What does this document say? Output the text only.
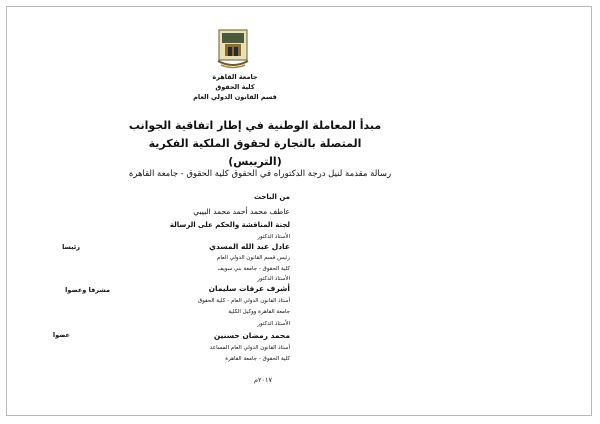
جامعة القاهرة
كلية الحقوق
قسم القانون الدولي العام
مبدأ المعاملة الوطنية في إطار اتفاقية الجوانب
المتصلة بالتجارة لحقوق الملكية الفكرية
(التريبس)
رسالة مقدمة لنيل درجة الدكتوراه في الحقوق كلية الحقوق - جامعة القاهرة
من الباحث
عاطف محمد أحمد محمد البيبي
لجنة المناقشة والحكم على الرسالة
الأستاذ الدكتور
عادل عبد الله المسدي
رئيسا
رئيس قسم القانون الدولي العام
كلية الحقوق - جامعة بني سويف
الأستاذ الدكتور
أشرف عرفات سليمان
مشرفا وعضوا
أستاذ القانون الدولي العام - كلية الحقوق
جامعة القاهرة ووكيل الكلية
الأستاذ الدكتور
محمد رمضان حسنين
عضوا
أستاذ القانون الدولي العام المساعد
كلية الحقوق - جامعة القاهرة
٢٠١٧م
